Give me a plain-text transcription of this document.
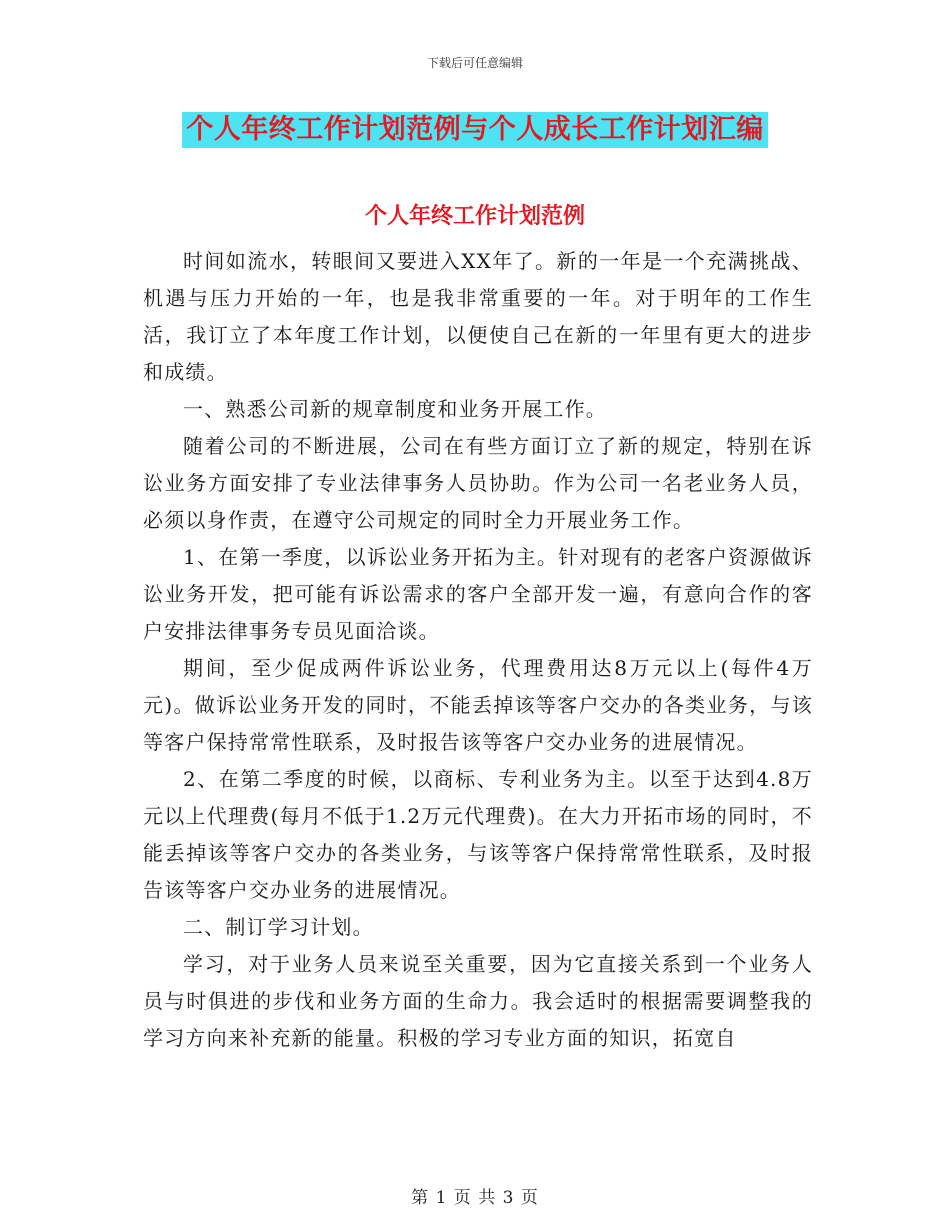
下载后可任意编辑
个人年终工作计划范例与个人成长工作计划汇编
个人年终工作计划范例

时间如流水，转眼间又要进入XX年了。新的一年是一个充满挑战、机遇与压力开始的一年，也是我非常重要的一年。对于明年的工作生活，我订立了本年度工作计划，以便使自己在新的一年里有更大的进步和成绩。

一、熟悉公司新的规章制度和业务开展工作。

随着公司的不断进展，公司在有些方面订立了新的规定，特别在诉讼业务方面安排了专业法律事务人员协助。作为公司一名老业务人员，必须以身作责，在遵守公司规定的同时全力开展业务工作。

1、在第一季度，以诉讼业务开拓为主。针对现有的老客户资源做诉讼业务开发，把可能有诉讼需求的客户全部开发一遍，有意向合作的客户安排法律事务专员见面洽谈。

期间，至少促成两件诉讼业务，代理费用达8万元以上(每件4万元)。做诉讼业务开发的同时，不能丢掉该等客户交办的各类业务，与该等客户保持常常性联系，及时报告该等客户交办业务的进展情况。

2、在第二季度的时候，以商标、专利业务为主。以至于达到4.8万元以上代理费(每月不低于1.2万元代理费)。在大力开拓市场的同时，不能丢掉该等客户交办的各类业务，与该等客户保持常常性联系，及时报告该等客户交办业务的进展情况。

二、制订学习计划。

学习，对于业务人员来说至关重要，因为它直接关系到一个业务人员与时俱进的步伐和业务方面的生命力。我会适时的根据需要调整我的学习方向来补充新的能量。积极的学习专业方面的知识，拓宽自

第 1 页 共 3 页
